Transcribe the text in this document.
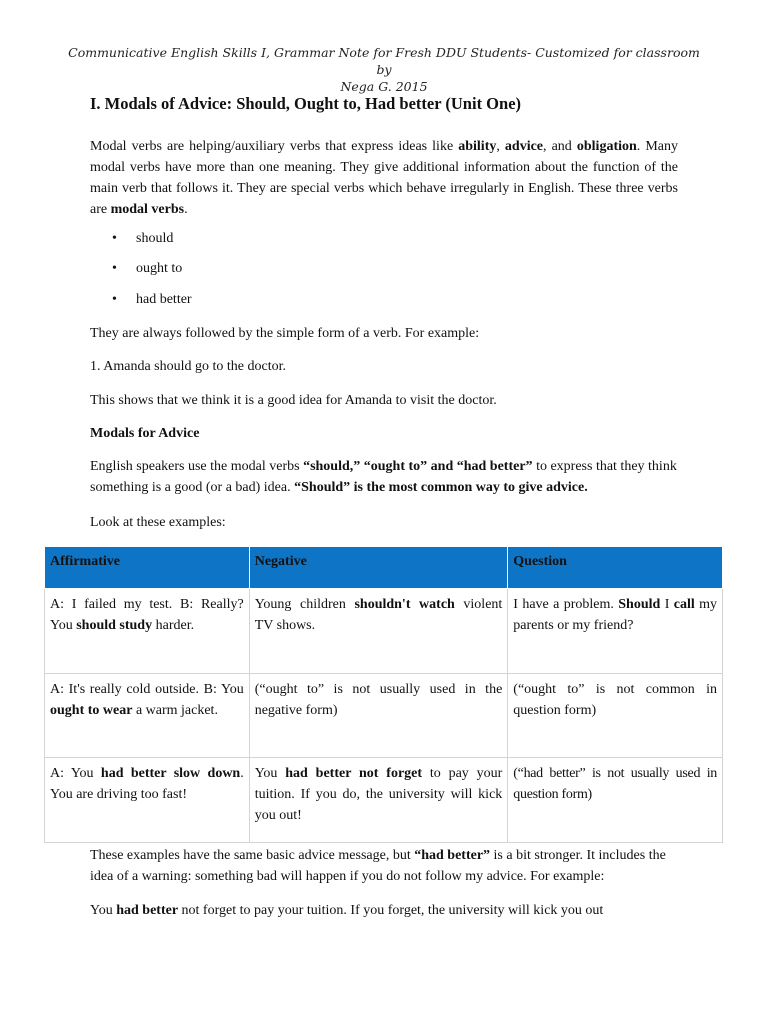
Communicative English Skills I, Grammar Note for Fresh DDU Students- Customized for classroom by
Nega G. 2015
I. Modals of Advice: Should, Ought to, Had better (Unit One)

Modal verbs are helping/auxiliary verbs that express ideas like ability, advice, and obligation. Many modal verbs have more than one meaning. They give additional information about the function of the main verb that follows it. They are special verbs which behave irregularly in English. These three verbs are modal verbs.

• should
• ought to
• had better

They are always followed by the simple form of a verb. For example:

1. Amanda should go to the doctor.

This shows that we think it is a good idea for Amanda to visit the doctor.

Modals for Advice

English speakers use the modal verbs “should,” “ought to” and “had better” to express that they think something is a good (or a bad) idea. “Should” is the most common way to give advice.

Look at these examples:

Affirmative	Negative	Question
A: I failed my test. B: Really? You should study harder.	Young children shouldn't watch violent TV shows.	I have a problem. Should I call my parents or my friend?
A: It's really cold outside. B: You ought to wear a warm jacket.	(“ought to” is not usually used in the negative form)	(“ought to” is not common in question form)
A: You had better slow down. You are driving too fast!	You had better not forget to pay your tuition. If you do, the university will kick you out!	(“had better” is not usually used in question form)

These examples have the same basic advice message, but “had better” is a bit stronger. It includes the idea of a warning: something bad will happen if you do not follow my advice. For example:

You had better not forget to pay your tuition. If you forget, the university will kick you out
